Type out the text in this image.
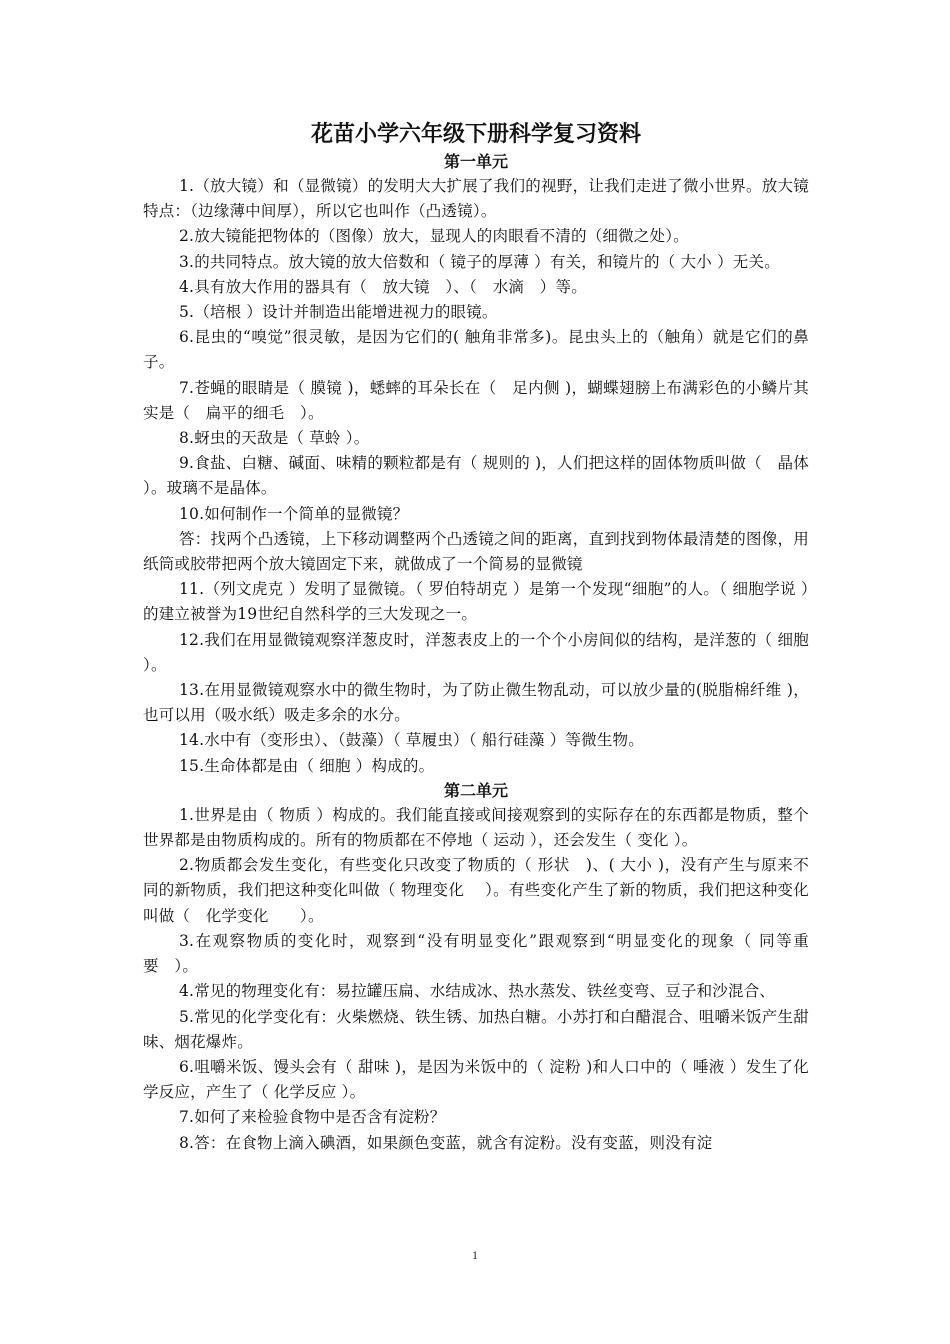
花苗小学六年级下册科学复习资料
第一单元

1.（放大镜）和（显微镜）的发明大大扩展了我们的视野，让我们走进了微小世界。放大镜特点：（边缘薄中间厚），所以它也叫作（凸透镜）。

2.放大镜能把物体的（图像）放大，显现人的肉眼看不清的（细微之处）。

3.的共同特点。放大镜的放大倍数和（ 镜子的厚薄 ）有关，和镜片的（ 大小 ）无关。

4.具有放大作用的器具有（　放大镜　）、（　水滴　）等。

5.（培根 ）设计并制造出能增进视力的眼镜。

6.昆虫的“嗅觉”很灵敏，是因为它们的( 触角非常多)。昆虫头上的（触角）就是它们的鼻子。

7.苍蝇的眼睛是（ 膜镜 )，蟋蟀的耳朵长在（　足内侧 )，蝴蝶翅膀上布满彩色的小鳞片其实是（　扁平的细毛　）。

8.蚜虫的天敌是（ 草蛉 ）。

9.食盐、白糖、碱面、味精的颗粒都是有（ 规则的 )，人们把这样的固体物质叫做（　晶体 ）。玻璃不是晶体。

10.如何制作一个简单的显微镜？

答：找两个凸透镜，上下移动调整两个凸透镜之间的距离，直到找到物体最清楚的图像，用纸筒或胶带把两个放大镜固定下来，就做成了一个简易的显微镜

11.（列文虎克 ）发明了显微镜。（ 罗伯特胡克 ）是第一个发现“细胞”的人。（ 细胞学说 ）的建立被誉为19世纪自然科学的三大发现之一。

12.我们在用显微镜观察洋葱皮时，洋葱表皮上的一个个小房间似的结构，是洋葱的（ 细胞 ）。

13.在用显微镜观察水中的微生物时，为了防止微生物乱动，可以放少量的(脱脂棉纤维 )，也可以用（吸水纸）吸走多余的水分。

14.水中有（变形虫）、（鼓藻）（ 草履虫）（ 船行硅藻 ）等微生物。

15.生命体都是由（ 细胞 ）构成的。

第二单元

1.世界是由（ 物质 ）构成的。我们能直接或间接观察到的实际存在的东西都是物质，整个世界都是由物质构成的。所有的物质都在不停地（ 运动 ），还会发生（ 变化 ）。

2.物质都会发生变化，有些变化只改变了物质的（ 形状　)、( 大小 )，没有产生与原来不同的新物质，我们把这种变化叫做（ 物理变化　 ）。有些变化产生了新的物质，我们把这种变化叫做（　化学变化　　）。

3.在观察物质的变化时，观察到“没有明显变化”跟观察到“明显变化的现象（ 同等重要　）。

4.常见的物理变化有：易拉罐压扁、水结成冰、热水蒸发、铁丝变弯、豆子和沙混合、

5.常见的化学变化有：火柴燃烧、铁生锈、加热白糖。小苏打和白醋混合、咀嚼米饭产生甜味、烟花爆炸。

6.咀嚼米饭、馒头会有（ 甜味 )，是因为米饭中的（ 淀粉 )和人口中的（ 唾液 ）发生了化学反应，产生了（ 化学反应 ）。

7.如何了来检验食物中是否含有淀粉？

8.答：在食物上滴入碘酒，如果颜色变蓝，就含有淀粉。没有变蓝，则没有淀

1
